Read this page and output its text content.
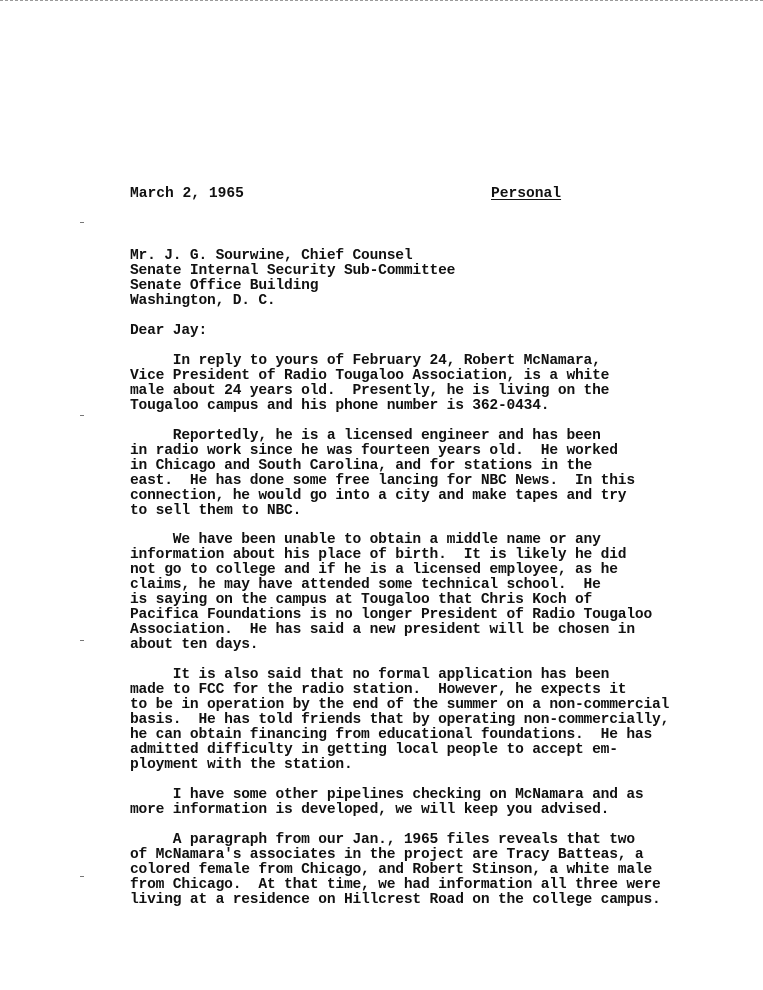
March 2, 1965	Personal
Mr. J. G. Sourwine, Chief Counsel
Senate Internal Security Sub-Committee
Senate Office Building
Washington, D. C.
Dear Jay:
In reply to yours of February 24, Robert McNamara,
Vice President of Radio Tougaloo Association, is a white
male about 24 years old.  Presently, he is living on the
Tougaloo campus and his phone number is 362-0434.
Reportedly, he is a licensed engineer and has been
in radio work since he was fourteen years old.  He worked
in Chicago and South Carolina, and for stations in the
east.  He has done some free lancing for NBC News.  In this
connection, he would go into a city and make tapes and try
to sell them to NBC.
We have been unable to obtain a middle name or any
information about his place of birth.  It is likely he did
not go to college and if he is a licensed employee, as he
claims, he may have attended some technical school.  He
is saying on the campus at Tougaloo that Chris Koch of
Pacifica Foundations is no longer President of Radio Tougaloo
Association.  He has said a new president will be chosen in
about ten days.
It is also said that no formal application has been
made to FCC for the radio station.  However, he expects it
to be in operation by the end of the summer on a non-commercial
basis.  He has told friends that by operating non-commercially,
he can obtain financing from educational foundations.  He has
admitted difficulty in getting local people to accept em-
ployment with the station.
I have some other pipelines checking on McNamara and as
more information is developed, we will keep you advised.
A paragraph from our Jan., 1965 files reveals that two
of McNamara's associates in the project are Tracy Batteas, a
colored female from Chicago, and Robert Stinson, a white male
from Chicago.  At that time, we had information all three were
living at a residence on Hillcrest Road on the college campus.
